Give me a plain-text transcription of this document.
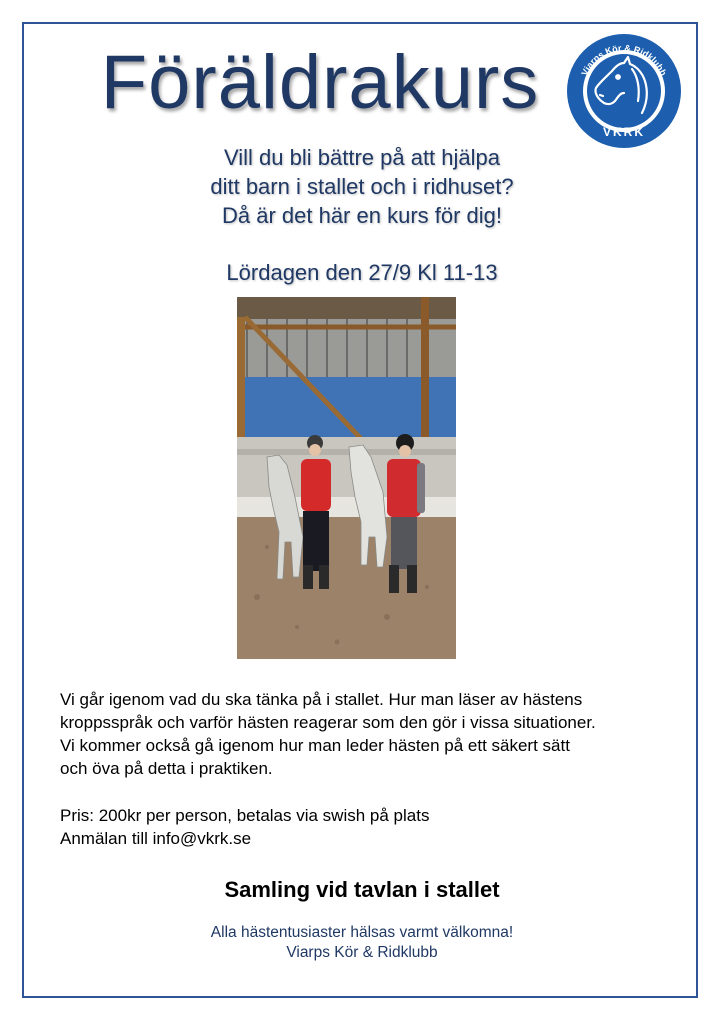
Föräldrakurs	Viarps Kör & Ridklubb
VKRK
Vill du bli bättre på att hjälpa
ditt barn i stallet och i ridhuset?
Då är det här en kurs för dig!
Lördagen den 27/9 Kl 11-13
Vi går igenom vad du ska tänka på i stallet. Hur man läser av hästens
kroppsspråk och varför hästen reagerar som den gör i vissa situationer.
Vi kommer också gå igenom hur man leder hästen på ett säkert sätt
och öva på detta i praktiken.
Pris: 200kr per person, betalas via swish på plats
Anmälan till info@vkrk.se
Samling vid tavlan i stallet
Alla hästentusiaster hälsas varmt välkomna!
Viarps Kör & Ridklubb
